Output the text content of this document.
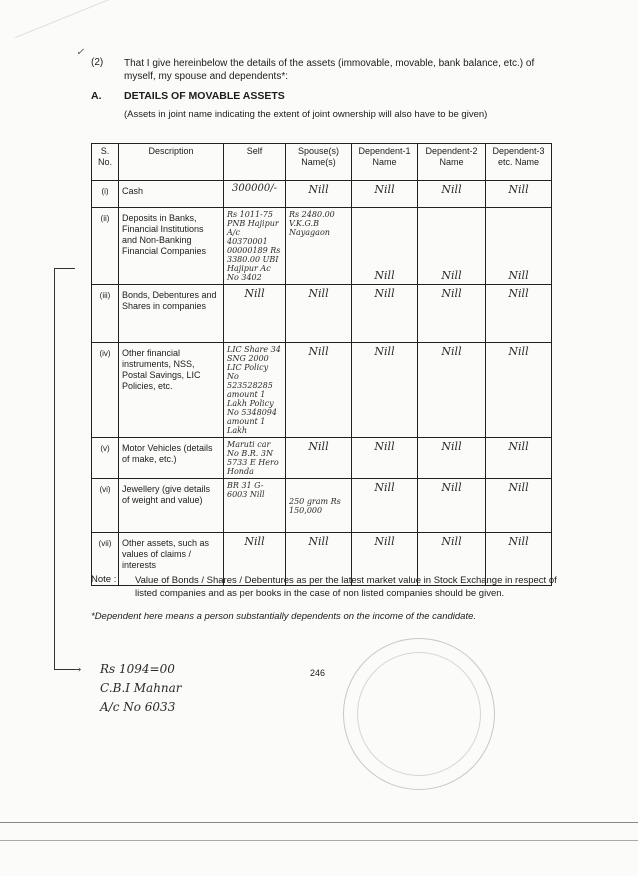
✓
(2) That I give hereinbelow the details of the assets (immovable, movable, bank balance, etc.) of myself, my spouse and dependents*:
A. DETAILS OF MOVABLE ASSETS
(Assets in joint name indicating the extent of joint ownership will also have to be given)
S. No.	Description	Self	Spouse(s) Name(s)	Dependent-1 Name	Dependent-2 Name	Dependent-3 etc. Name
(i)	Cash	300000/-	Nill	Nill	Nill	Nill
(ii)	Deposits in Banks, Financial Institutions and Non-Banking Financial Companies	Rs 1011-75 PNB Hajipur A/c 40370001 00000189 Rs 3380.00 UBI Hajipur Ac No 3402	Rs 2480.00 V.K.G.B Nayagaon	Nill	Nill	Nill
(iii)	Bonds, Debentures and Shares in companies	Nill	Nill	Nill	Nill	Nill
(iv)	Other financial instruments, NSS, Postal Savings, LIC Policies, etc.	LIC Share 34 SNG 2000 LIC Policy No 523528285 amount 1 Lakh Policy No 5348094 amount 1 Lakh	Nill	Nill	Nill	Nill
(v)	Motor Vehicles (details of make, etc.)	Maruti car No B.R. 3N 5733 E Hero Honda	Nill	Nill	Nill	Nill
(vi)	Jewellery (give details of weight and value)	BR 31 G-6003 Nill	250 gram Rs 150,000	Nill	Nill	Nill
(vii)	Other assets, such as values of claims / interests	Nill	Nill	Nill	Nill	Nill
→
Note : Value of Bonds / Shares / Debentures as per the latest market value in Stock Exchange in respect of listed companies and as per books in the case of non listed companies should be given.
*Dependent here means a person substantially dependents on the income of the candidate.
246
Rs 1094=00
C.B.I Mahnar
A/c No 6033
